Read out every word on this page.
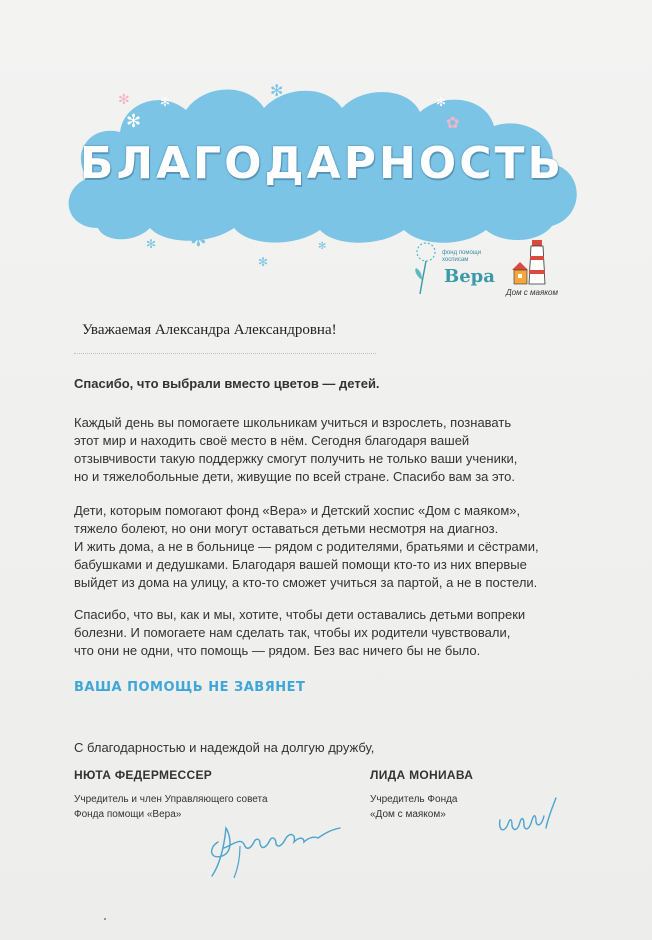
БЛАГОДАРНОСТЬ
✻
✻
✻
✻
✿
✻
✻
✻
✻
✻
✻
фонд помощи
хосписам
Вера
Дом с маяком
Уважаемая Александра Александровна!
Спасибо, что выбрали вместо цветов — детей.

Каждый день вы помогаете школьникам учиться и взрослеть, познавать

этот мир и находить своё место в нём. Сегодня благодаря вашей

отзывчивости такую поддержку смогут получить не только ваши ученики,

но и тяжелобольные дети, живущие по всей стране. Спасибо вам за это.

Дети, которым помогают фонд «Вера» и Детский хоспис «Дом с маяком»,

тяжело болеют, но они могут оставаться детьми несмотря на диагноз.

И жить дома, а не в больнице — рядом с родителями, братьями и сёстрами,

бабушками и дедушками. Благодаря вашей помощи кто-то из них впервые

выйдет из дома на улицу, а кто-то сможет учиться за партой, а не в постели.

Спасибо, что вы, как и мы, хотите, чтобы дети оставались детьми вопреки

болезни. И помогаете нам сделать так, чтобы их родители чувствовали,

что они не одни, что помощь — рядом. Без вас ничего бы не было.

ВАША ПОМОЩЬ НЕ ЗАВЯНЕТ
С благодарностью и надеждой на долгую дружбу,
НЮТА ФЕДЕРМЕССЕР
Учредитель и член Управляющего совета
Фонда помощи «Вера»
ЛИДА МОНИАВА
Учредитель Фонда
«Дом с маяком»
